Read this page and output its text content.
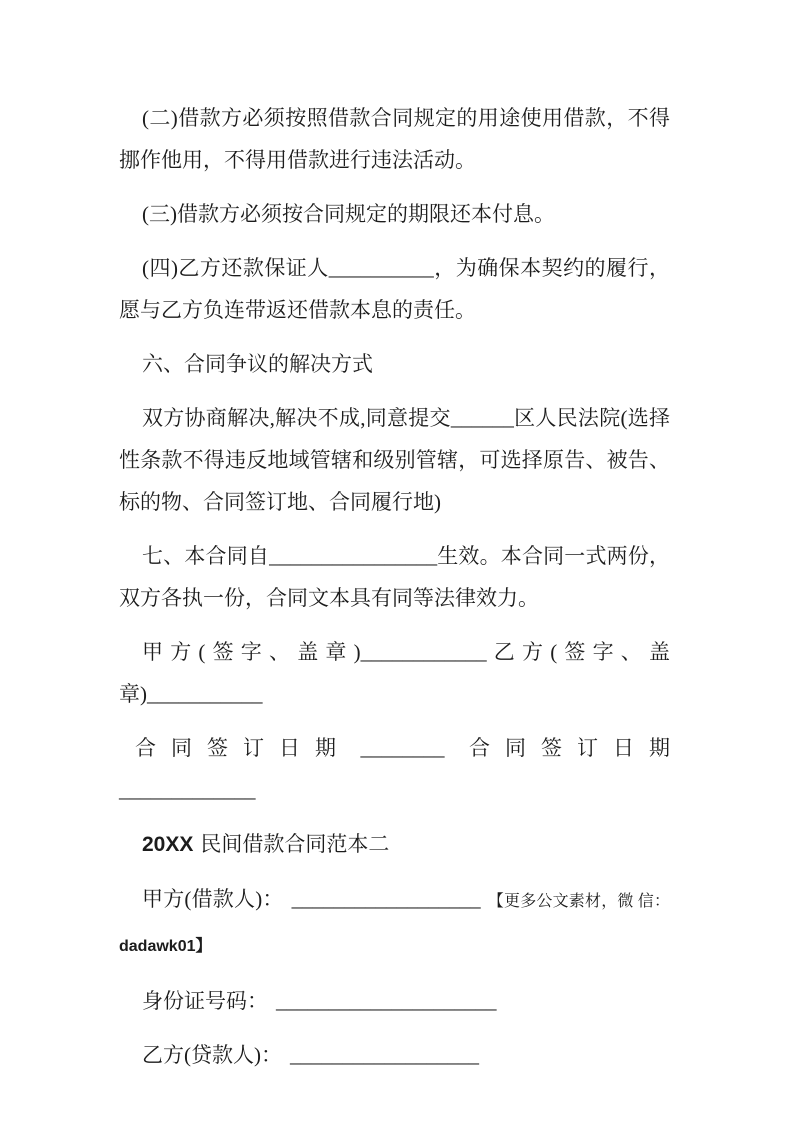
(二)借款方必须按照借款合同规定的用途使用借款，不得挪作他用，不得用借款进行违法活动。

(三)借款方必须按合同规定的期限还本付息。

(四)乙方还款保证人__________，为确保本契约的履行，愿与乙方负连带返还借款本息的责任。

六、合同争议的解决方式

双方协商解决,解决不成,同意提交______区人民法院(选择性条款不得违反地域管辖和级别管辖，可选择原告、被告、标的物、合同签订地、合同履行地)

七、本合同自________________生效。本合同一式两份，双方各执一份，合同文本具有同等法律效力。

甲方(签字、盖章)____________乙方(签字、盖章)___________

合同签订日期 ________ 合同签订日期
_____________

20XX 民间借款合同范本二

甲方(借款人)： __________________ 【更多公文素材，微 信：dadawk01】

身份证号码： _____________________

乙方(贷款人)： __________________
